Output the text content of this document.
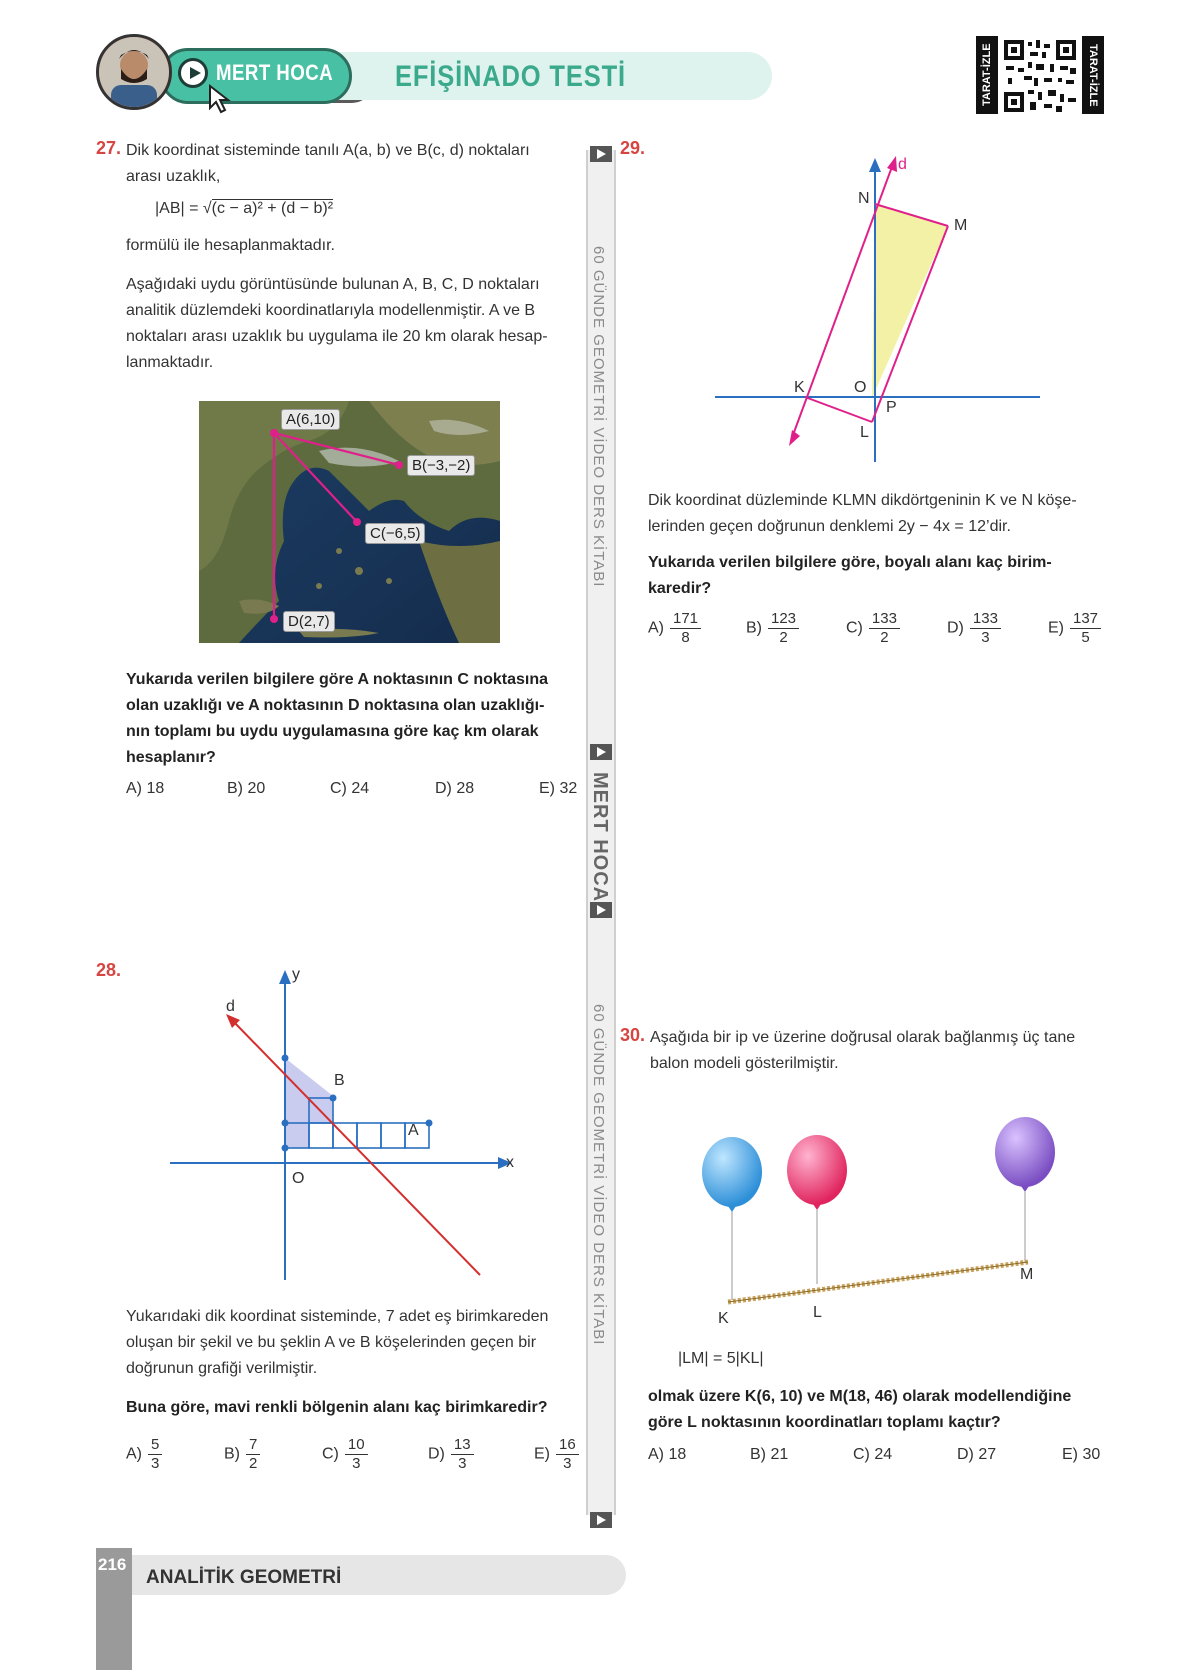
MERT HOCA EFİŞİNADO TESTİ	TARAT-İZLE	TARAT-İZLE
60 GÜNDE GEOMETRİ VİDEO DERS KİTABI
MERT HOCA
60 GÜNDE GEOMETRİ VİDEO DERS KİTABI
27. Dik koordinat sisteminde tanılı A(a, b) ve B(c, d) noktaları
arası uzaklık,
|AB| = √(c − a)² + (d − b)²
formülü ile hesaplanmaktadır.
Aşağıdaki uydu görüntüsünde bulunan A, B, C, D noktaları
analitik düzlemdeki koordinatlarıyla modellenmiştir. A ve B
noktaları arası uzaklık bu uygulama ile 20 km olarak hesap-
lanmaktadır.
A(6,10)
B(−3,−2)
C(−6,5)
D(2,7)
Yukarıda verilen bilgilere göre A noktasının C noktasına
olan uzaklığı ve A noktasının D noktasına olan uzaklığı-
nın toplamı bu uydu uygulamasına göre kaç km olarak
hesaplanır?
A) 18	B) 20	C) 24	D) 28	E) 32
28.	y
d
B
A
x
O
Yukarıdaki dik koordinat sisteminde, 7 adet eş birimkareden
oluşan bir şekil ve bu şeklin A ve B köşelerinden geçen bir
doğrunun grafiği verilmiştir.
Buna göre, mavi renkli bölgenin alanı kaç birimkaredir?
$A) \frac{5}{3}$	$B) \frac{7}{2}$	$C) \frac{10}{3}$	$D) \frac{13}{3}$	$E) \frac{16}{3}$
29.
d
N
M
K	O
P
L
Dik koordinat düzleminde KLMN dikdörtgeninin K ve N köşe-
lerinden geçen doğrunun denklemi 2y − 4x = 12’dir.
Yukarıda verilen bilgilere göre, boyalı alanı kaç birim-
karedir?
$A) \frac{171}{8}$	$B) \frac{123}{2}$	$C) \frac{133}{2}$	$D) \frac{133}{3}$	$E) \frac{137}{5}$
30. Aşağıda bir ip ve üzerine doğrusal olarak bağlanmış üç tane
balon modeli gösterilmiştir.
K	L
M
|LM| = 5|KL|
olmak üzere K(6, 10) ve M(18, 46) olarak modellendiğine
göre L noktasının koordinatları toplamı kaçtır?
A) 18	B) 21	C) 24	D) 27	E) 30
216
ANALİTİK GEOMETRİ
